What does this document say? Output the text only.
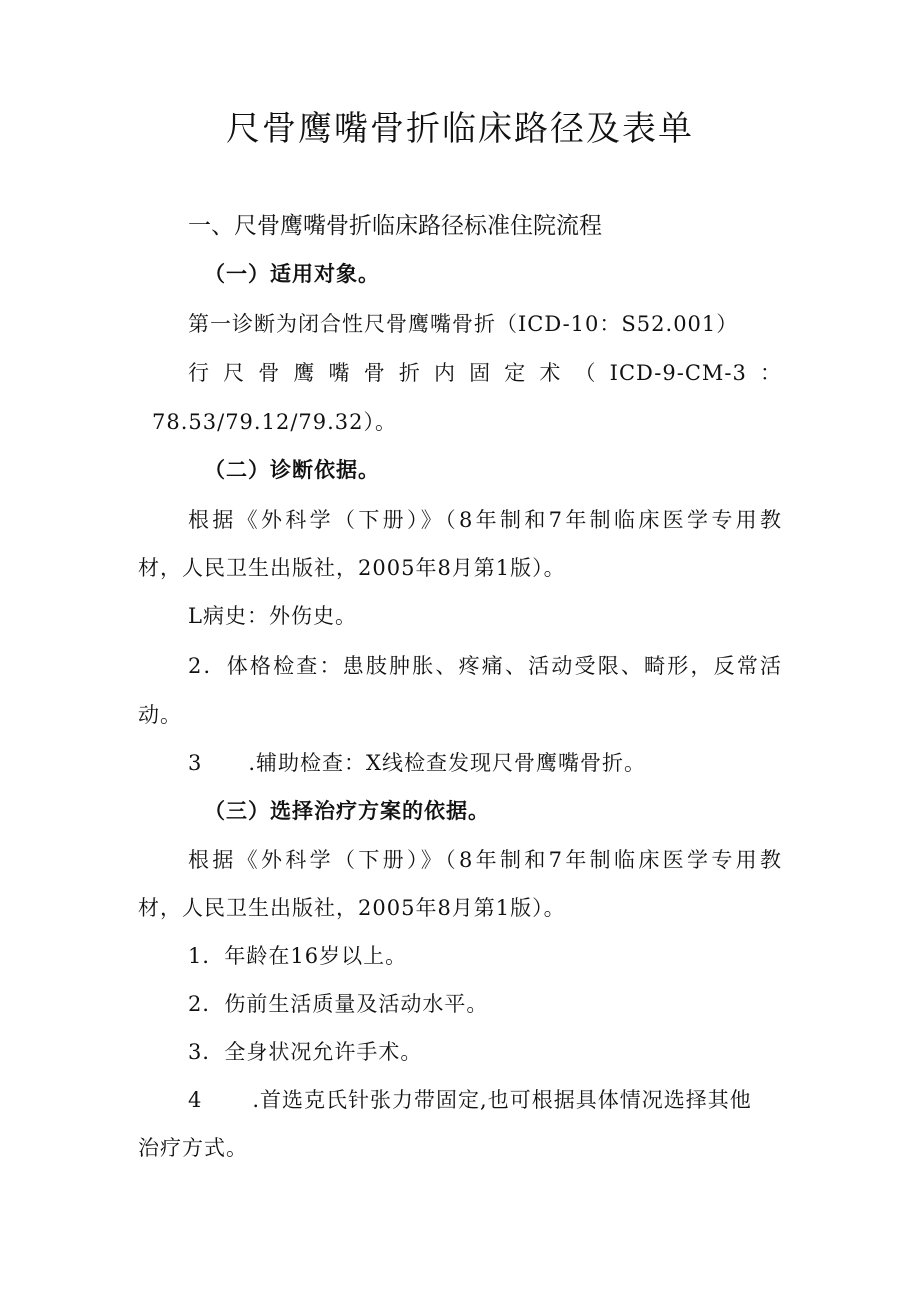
尺骨鹰嘴骨折临床路径及表单
一、尺骨鹰嘴骨折临床路径标准住院流程
（一）适用对象。
第一诊断为闭合性尺骨鹰嘴骨折（ICD-10：S52.001）
行尺骨鹰嘴骨折内固定术（ICD-9-CM-3：
78.53/79.12/79.32）。
（二）诊断依据。
根据《外科学（下册）》（8年制和7年制临床医学专用教
材，人民卫生出版社，2005年8月第1版）。
L病史：外伤史。
2．体格检查：患肢肿胀、疼痛、活动受限、畸形，反常活
动。
3 .辅助检查：X线检查发现尺骨鹰嘴骨折。
（三）选择治疗方案的依据。
根据《外科学（下册）》（8年制和7年制临床医学专用教
材，人民卫生出版社，2005年8月第1版）。
1．年龄在16岁以上。
2．伤前生活质量及活动水平。
3．全身状况允许手术。
4 .首选克氏针张力带固定,也可根据具体情况选择其他
治疗方式。
